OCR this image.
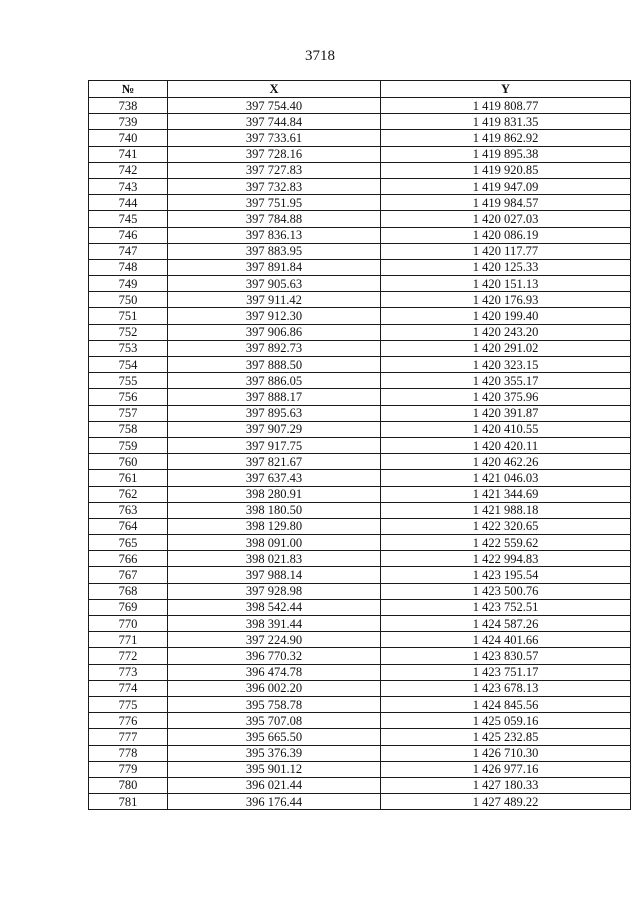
3718
№	X	Y
738	397 754.40	1 419 808.77
739	397 744.84	1 419 831.35
740	397 733.61	1 419 862.92
741	397 728.16	1 419 895.38
742	397 727.83	1 419 920.85
743	397 732.83	1 419 947.09
744	397 751.95	1 419 984.57
745	397 784.88	1 420 027.03
746	397 836.13	1 420 086.19
747	397 883.95	1 420 117.77
748	397 891.84	1 420 125.33
749	397 905.63	1 420 151.13
750	397 911.42	1 420 176.93
751	397 912.30	1 420 199.40
752	397 906.86	1 420 243.20
753	397 892.73	1 420 291.02
754	397 888.50	1 420 323.15
755	397 886.05	1 420 355.17
756	397 888.17	1 420 375.96
757	397 895.63	1 420 391.87
758	397 907.29	1 420 410.55
759	397 917.75	1 420 420.11
760	397 821.67	1 420 462.26
761	397 637.43	1 421 046.03
762	398 280.91	1 421 344.69
763	398 180.50	1 421 988.18
764	398 129.80	1 422 320.65
765	398 091.00	1 422 559.62
766	398 021.83	1 422 994.83
767	397 988.14	1 423 195.54
768	397 928.98	1 423 500.76
769	398 542.44	1 423 752.51
770	398 391.44	1 424 587.26
771	397 224.90	1 424 401.66
772	396 770.32	1 423 830.57
773	396 474.78	1 423 751.17
774	396 002.20	1 423 678.13
775	395 758.78	1 424 845.56
776	395 707.08	1 425 059.16
777	395 665.50	1 425 232.85
778	395 376.39	1 426 710.30
779	395 901.12	1 426 977.16
780	396 021.44	1 427 180.33
781	396 176.44	1 427 489.22
